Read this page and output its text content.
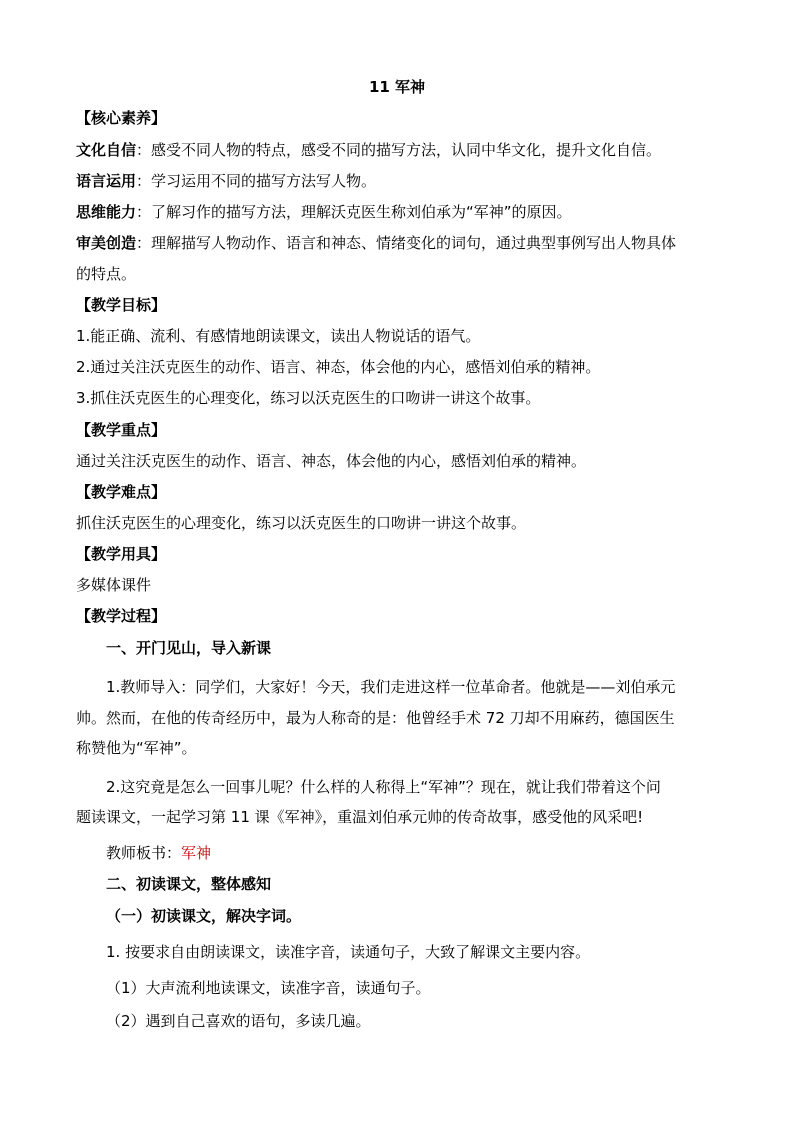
11 军神
【核心素养】
文化自信：感受不同人物的特点，感受不同的描写方法，认同中华文化，提升文化自信。
语言运用：学习运用不同的描写方法写人物。
思维能力：了解习作的描写方法，理解沃克医生称刘伯承为“军神”的原因。
审美创造：理解描写人物动作、语言和神态、情绪变化的词句，通过典型事例写出人物具体
的特点。
【教学目标】
1.能正确、流利、有感情地朗读课文，读出人物说话的语气。
2.通过关注沃克医生的动作、语言、神态，体会他的内心，感悟刘伯承的精神。
3.抓住沃克医生的心理变化，练习以沃克医生的口吻讲一讲这个故事。
【教学重点】
通过关注沃克医生的动作、语言、神态，体会他的内心，感悟刘伯承的精神。
【教学难点】
抓住沃克医生的心理变化，练习以沃克医生的口吻讲一讲这个故事。
【教学用具】
多媒体课件
【教学过程】
一、开门见山，导入新课
1.教师导入：同学们，大家好！今天，我们走进这样一位革命者。他就是——刘伯承元
帅。然而，在他的传奇经历中，最为人称奇的是：他曾经手术 72 刀却不用麻药，德国医生
称赞他为“军神”。
2.这究竟是怎么一回事儿呢？什么样的人称得上“军神”？现在，就让我们带着这个问
题读课文，一起学习第 11 课《军神》，重温刘伯承元帅的传奇故事，感受他的风采吧!
教师板书：军神
二、初读课文，整体感知
（一）初读课文，解决字词。
1. 按要求自由朗读课文，读准字音，读通句子，大致了解课文主要内容。
（1）大声流利地读课文，读准字音，读通句子。
（2）遇到自己喜欢的语句，多读几遍。
